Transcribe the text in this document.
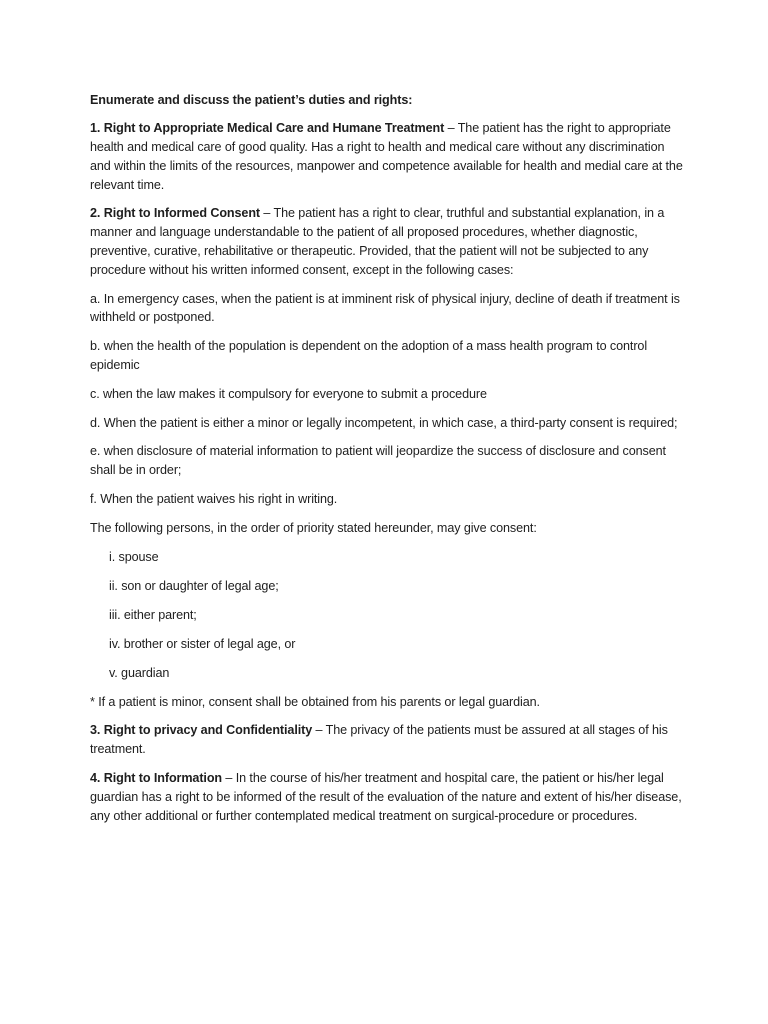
Enumerate and discuss the patient’s duties and rights:

1. Right to Appropriate Medical Care and Humane Treatment – The patient has the right to appropriate health and medical care of good quality. Has a right to health and medical care without any discrimination and within the limits of the resources, manpower and competence available for health and medial care at the relevant time.

2. Right to Informed Consent – The patient has a right to clear, truthful and substantial explanation, in a manner and language understandable to the patient of all proposed procedures, whether diagnostic, preventive, curative, rehabilitative or therapeutic. Provided, that the patient will not be subjected to any procedure without his written informed consent, except in the following cases:

a. In emergency cases, when the patient is at imminent risk of physical injury, decline of death if treatment is withheld or postponed.

b. when the health of the population is dependent on the adoption of a mass health program to control epidemic

c. when the law makes it compulsory for everyone to submit a procedure

d. When the patient is either a minor or legally incompetent, in which case, a third-party consent is required;

e. when disclosure of material information to patient will jeopardize the success of disclosure and consent shall be in order;

f. When the patient waives his right in writing.

The following persons, in the order of priority stated hereunder, may give consent:

i. spouse

ii. son or daughter of legal age;

iii. either parent;

iv. brother or sister of legal age, or

v. guardian

* If a patient is minor, consent shall be obtained from his parents or legal guardian.

3. Right to privacy and Confidentiality – The privacy of the patients must be assured at all stages of his treatment.

4. Right to Information – In the course of his/her treatment and hospital care, the patient or his/her legal guardian has a right to be informed of the result of the evaluation of the nature and extent of his/her disease, any other additional or further contemplated medical treatment on surgical-procedure or procedures.
